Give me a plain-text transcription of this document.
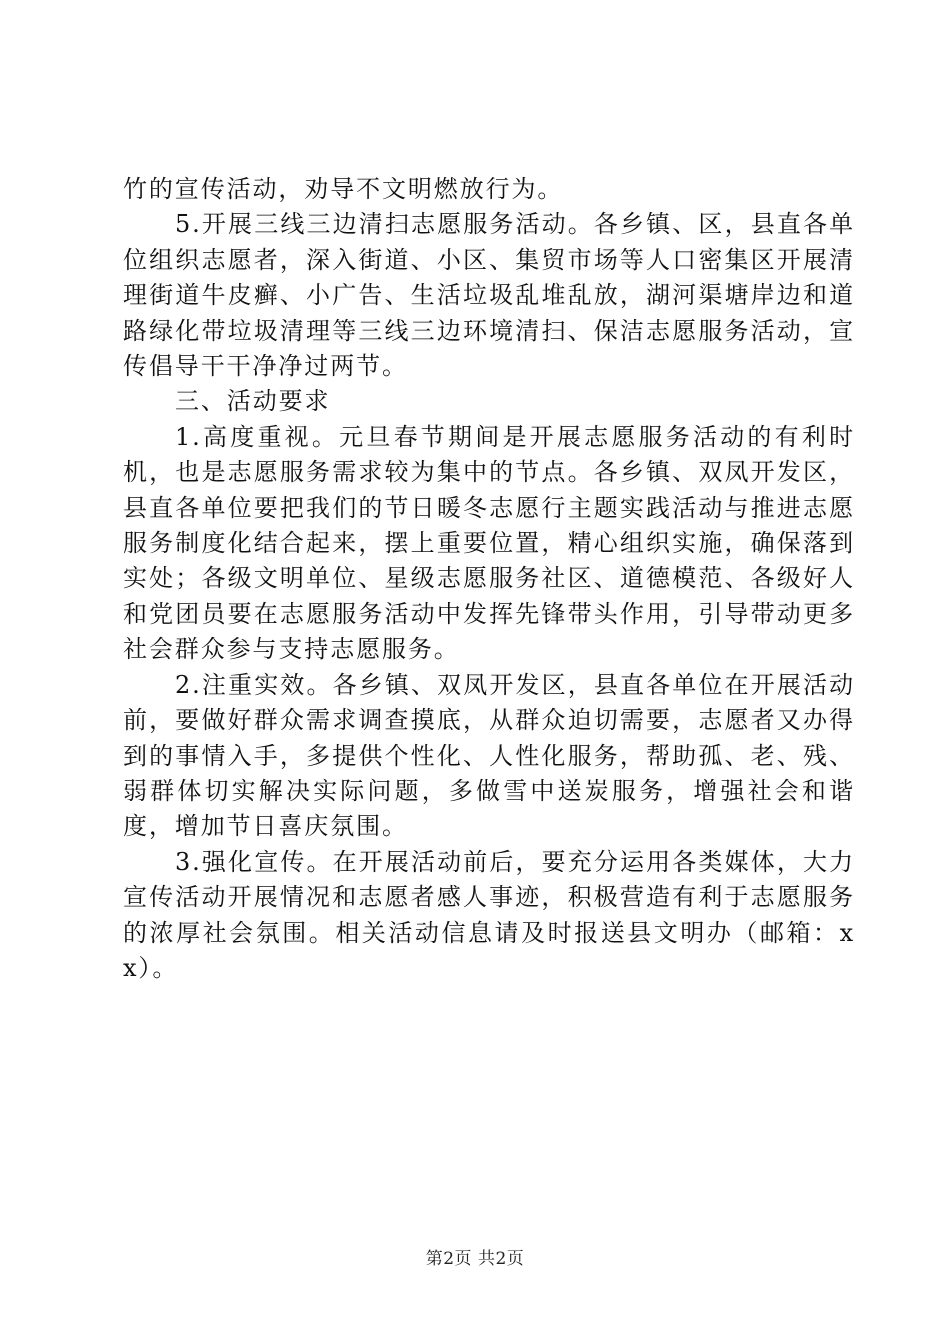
竹的宣传活动，劝导不文明燃放行为。

5.开展三线三边清扫志愿服务活动。各乡镇、区，县直各单位组织志愿者，深入街道、小区、集贸市场等人口密集区开展清理街道牛皮癣、小广告、生活垃圾乱堆乱放，湖河渠塘岸边和道路绿化带垃圾清理等三线三边环境清扫、保洁志愿服务活动，宣传倡导干干净净过两节。

三、活动要求

1.高度重视。元旦春节期间是开展志愿服务活动的有利时机，也是志愿服务需求较为集中的节点。各乡镇、双凤开发区，县直各单位要把我们的节日暖冬志愿行主题实践活动与推进志愿服务制度化结合起来，摆上重要位置，精心组织实施，确保落到实处；各级文明单位、星级志愿服务社区、道德模范、各级好人和党团员要在志愿服务活动中发挥先锋带头作用，引导带动更多社会群众参与支持志愿服务。

2.注重实效。各乡镇、双凤开发区，县直各单位在开展活动前，要做好群众需求调查摸底，从群众迫切需要，志愿者又办得到的事情入手，多提供个性化、人性化服务，帮助孤、老、残、弱群体切实解决实际问题，多做雪中送炭服务，增强社会和谐度，增加节日喜庆氛围。

3.强化宣传。在开展活动前后，要充分运用各类媒体，大力宣传活动开展情况和志愿者感人事迹，积极营造有利于志愿服务的浓厚社会氛围。相关活动信息请及时报送县文明办（邮箱：xx）。

第2页 共2页
